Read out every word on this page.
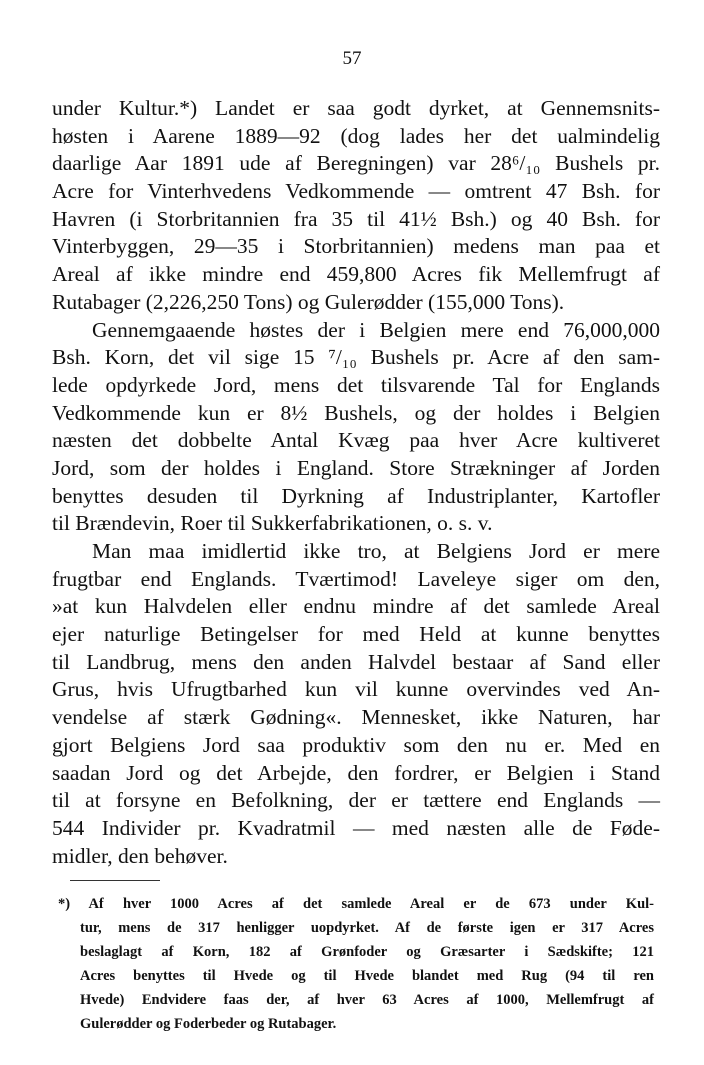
57
under Kultur.*) Landet er saa godt dyrket, at Gennemsnits-
høsten i Aarene 1889—92 (dog lades her det ualmindelig
daarlige Aar 1891 ude af Beregningen) var 28⁶/₁₀ Bushels pr.
Acre for Vinterhvedens Vedkommende — omtrent 47 Bsh. for
Havren (i Storbritannien fra 35 til 41½ Bsh.) og 40 Bsh. for
Vinterbyggen, 29—35 i Storbritannien) medens man paa et
Areal af ikke mindre end 459,800 Acres fik Mellemfrugt af
Rutabager (2,226,250 Tons) og Gulerødder (155,000 Tons).
Gennemgaaende høstes der i Belgien mere end 76,000,000
Bsh. Korn, det vil sige 15 ⁷/₁₀ Bushels pr. Acre af den sam-
lede opdyrkede Jord, mens det tilsvarende Tal for Englands
Vedkommende kun er 8½ Bushels, og der holdes i Belgien
næsten det dobbelte Antal Kvæg paa hver Acre kultiveret
Jord, som der holdes i England. Store Strækninger af Jorden
benyttes desuden til Dyrkning af Industriplanter, Kartofler
til Brændevin, Roer til Sukkerfabrikationen, o. s. v.
Man maa imidlertid ikke tro, at Belgiens Jord er mere
frugtbar end Englands. Tværtimod! Laveleye siger om den,
»at kun Halvdelen eller endnu mindre af det samlede Areal
ejer naturlige Betingelser for med Held at kunne benyttes
til Landbrug, mens den anden Halvdel bestaar af Sand eller
Grus, hvis Ufrugtbarhed kun vil kunne overvindes ved An-
vendelse af stærk Gødning«. Mennesket, ikke Naturen, har
gjort Belgiens Jord saa produktiv som den nu er. Med en
saadan Jord og det Arbejde, den fordrer, er Belgien i Stand
til at forsyne en Befolkning, der er tættere end Englands —
544 Individer pr. Kvadratmil — med næsten alle de Føde-
midler, den behøver.
*) Af hver 1000 Acres af det samlede Areal er de 673 under Kul-
tur, mens de 317 henligger uopdyrket. Af de første igen er 317 Acres
beslaglagt af Korn, 182 af Grønfoder og Græsarter i Sædskifte; 121
Acres benyttes til Hvede og til Hvede blandet med Rug (94 til ren
Hvede) Endvidere faas der, af hver 63 Acres af 1000, Mellemfrugt af
Gulerødder og Foderbeder og Rutabager.
